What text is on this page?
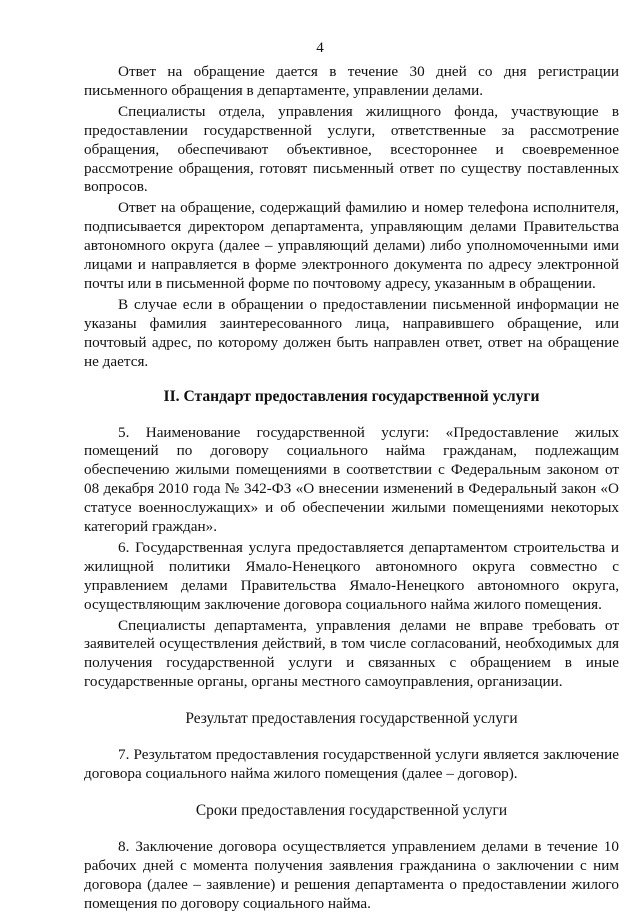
4

Ответ на обращение дается в течение 30 дней со дня регистрации письменного обращения в департаменте, управлении делами.

Специалисты отдела, управления жилищного фонда, участвующие в предоставлении государственной услуги, ответственные за рассмотрение обращения, обеспечивают объективное, всестороннее и своевременное рассмотрение обращения, готовят письменный ответ по существу поставленных вопросов.

Ответ на обращение, содержащий фамилию и номер телефона исполнителя, подписывается директором департамента, управляющим делами Правительства автономного округа (далее – управляющий делами) либо уполномоченными ими лицами и направляется в форме электронного документа по адресу электронной почты или в письменной форме по почтовому адресу, указанным в обращении.

В случае если в обращении о предоставлении письменной информации не указаны фамилия заинтересованного лица, направившего обращение, или почтовый адрес, по которому должен быть направлен ответ, ответ на обращение не дается.

II. Стандарт предоставления государственной услуги

5. Наименование государственной услуги: «Предоставление жилых помещений по договору социального найма гражданам, подлежащим обеспечению жилыми помещениями в соответствии с Федеральным законом от 08 декабря 2010 года № 342-ФЗ «О внесении изменений в Федеральный закон «О статусе военнослужащих» и об обеспечении жилыми помещениями некоторых категорий граждан».

6. Государственная услуга предоставляется департаментом строительства и жилищной политики Ямало-Ненецкого автономного округа совместно с управлением делами Правительства Ямало-Ненецкого автономного округа, осуществляющим заключение договора социального найма жилого помещения.

Специалисты департамента, управления делами не вправе требовать от заявителей осуществления действий, в том числе согласований, необходимых для получения государственной услуги и связанных с обращением в иные государственные органы, органы местного самоуправления, организации.

Результат предоставления государственной услуги

7. Результатом предоставления государственной услуги является заключение договора социального найма жилого помещения (далее – договор).

Сроки предоставления государственной услуги

8. Заключение договора осуществляется управлением делами в течение 10 рабочих дней с момента получения заявления гражданина о заключении с ним договора (далее – заявление) и решения департамента о предоставлении жилого помещения по договору социального найма.
